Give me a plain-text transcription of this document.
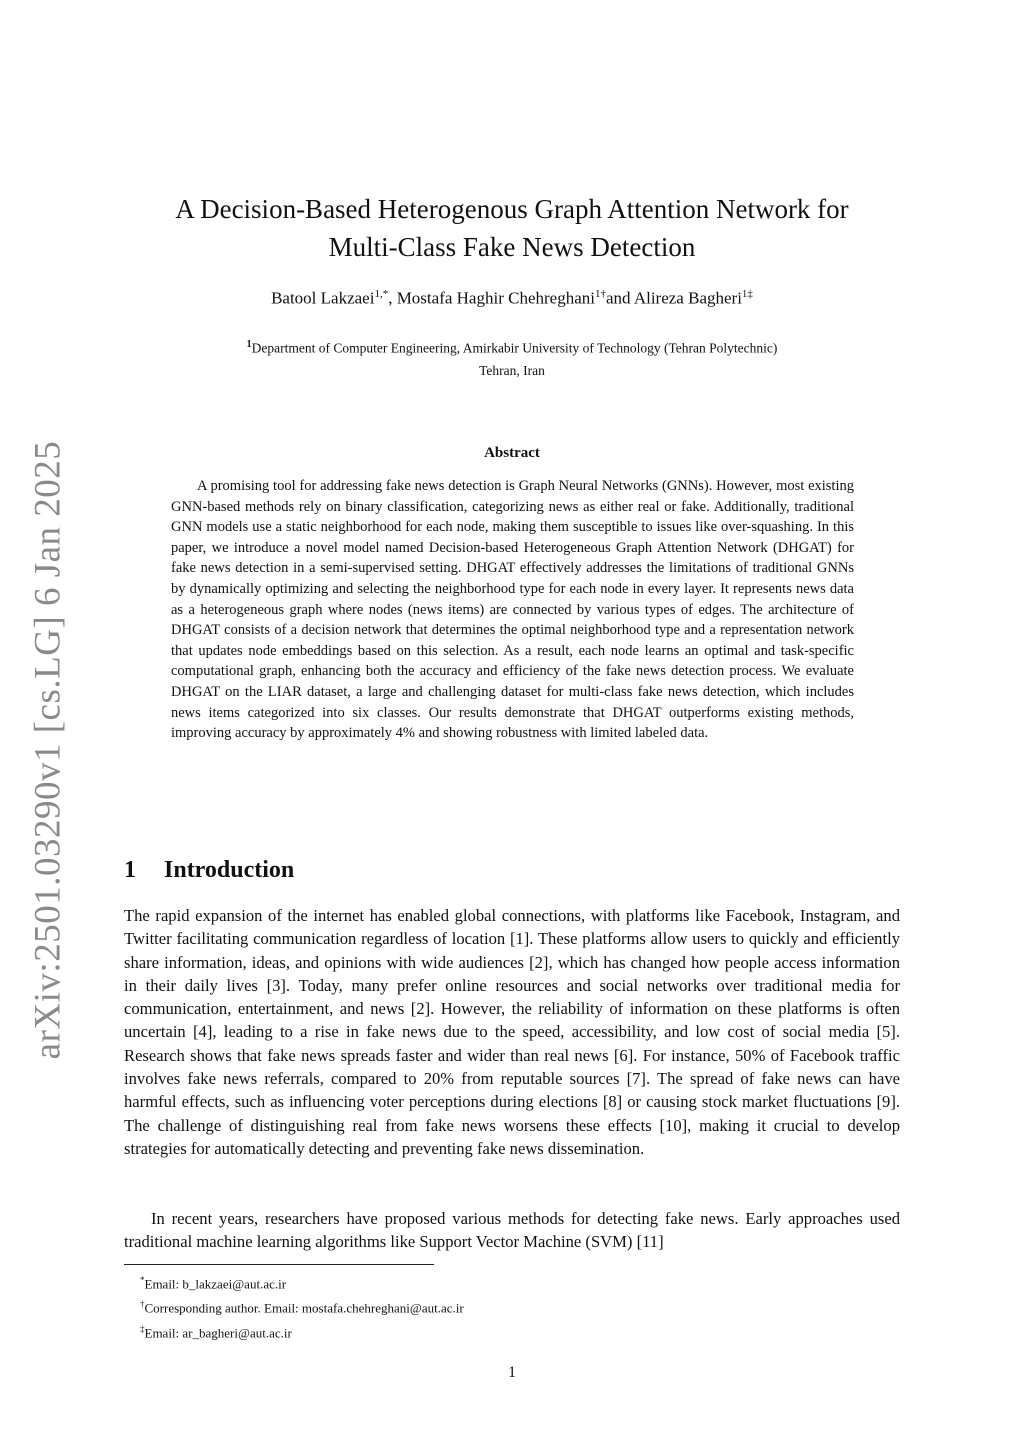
arXiv:2501.03290v1 [cs.LG] 6 Jan 2025
A Decision-Based Heterogenous Graph Attention Network for
Multi-Class Fake News Detection
Batool Lakzaei$^{1,*}$, Mostafa Haghir Chehreghani$^{1\dagger}$and Alireza Bagheri$^{1\ddagger}$
$^1$Department of Computer Engineering, Amirkabir University of Technology (Tehran Polytechnic)
Tehran, Iran
Abstract
A promising tool for addressing fake news detection is Graph Neural Networks (GNNs). However, most existing GNN-based methods rely on binary classification, categorizing news as either real or fake. Additionally, traditional GNN models use a static neighborhood for each node, making them susceptible to issues like over-squashing. In this paper, we introduce a novel model named Decision-based Heterogeneous Graph Attention Network (DHGAT) for fake news detection in a semi-supervised setting. DHGAT effectively addresses the limitations of traditional GNNs by dynamically optimizing and selecting the neighborhood type for each node in every layer. It represents news data as a heterogeneous graph where nodes (news items) are connected by various types of edges. The architecture of DHGAT consists of a decision network that determines the optimal neighborhood type and a representation network that updates node embeddings based on this selection. As a result, each node learns an optimal and task-specific computational graph, enhancing both the accuracy and efficiency of the fake news detection process. We evaluate DHGAT on the LIAR dataset, a large and challenging dataset for multi-class fake news detection, which includes news items categorized into six classes. Our results demonstrate that DHGAT outperforms existing methods, improving accuracy by approximately 4% and showing robustness with limited labeled data.
1 Introduction

The rapid expansion of the internet has enabled global connections, with platforms like Facebook, Instagram, and Twitter facilitating communication regardless of location [1]. These platforms allow users to quickly and efficiently share information, ideas, and opinions with wide audiences [2], which has changed how people access information in their daily lives [3]. Today, many prefer online resources and social networks over traditional media for communication, entertainment, and news [2]. However, the reliability of information on these platforms is often uncertain [4], leading to a rise in fake news due to the speed, accessibility, and low cost of social media [5]. Research shows that fake news spreads faster and wider than real news [6]. For instance, 50% of Facebook traffic involves fake news referrals, compared to 20% from reputable sources [7]. The spread of fake news can have harmful effects, such as influencing voter perceptions during elections [8] or causing stock market fluctuations [9]. The challenge of distinguishing real from fake news worsens these effects [10], making it crucial to develop strategies for automatically detecting and preventing fake news dissemination.

In recent years, researchers have proposed various methods for detecting fake news. Early approaches used traditional machine learning algorithms like Support Vector Machine (SVM) [11]

*Email: b_lakzaei@aut.ac.ir
†Corresponding author. Email: mostafa.chehreghani@aut.ac.ir
‡Email: ar_bagheri@aut.ac.ir
1
